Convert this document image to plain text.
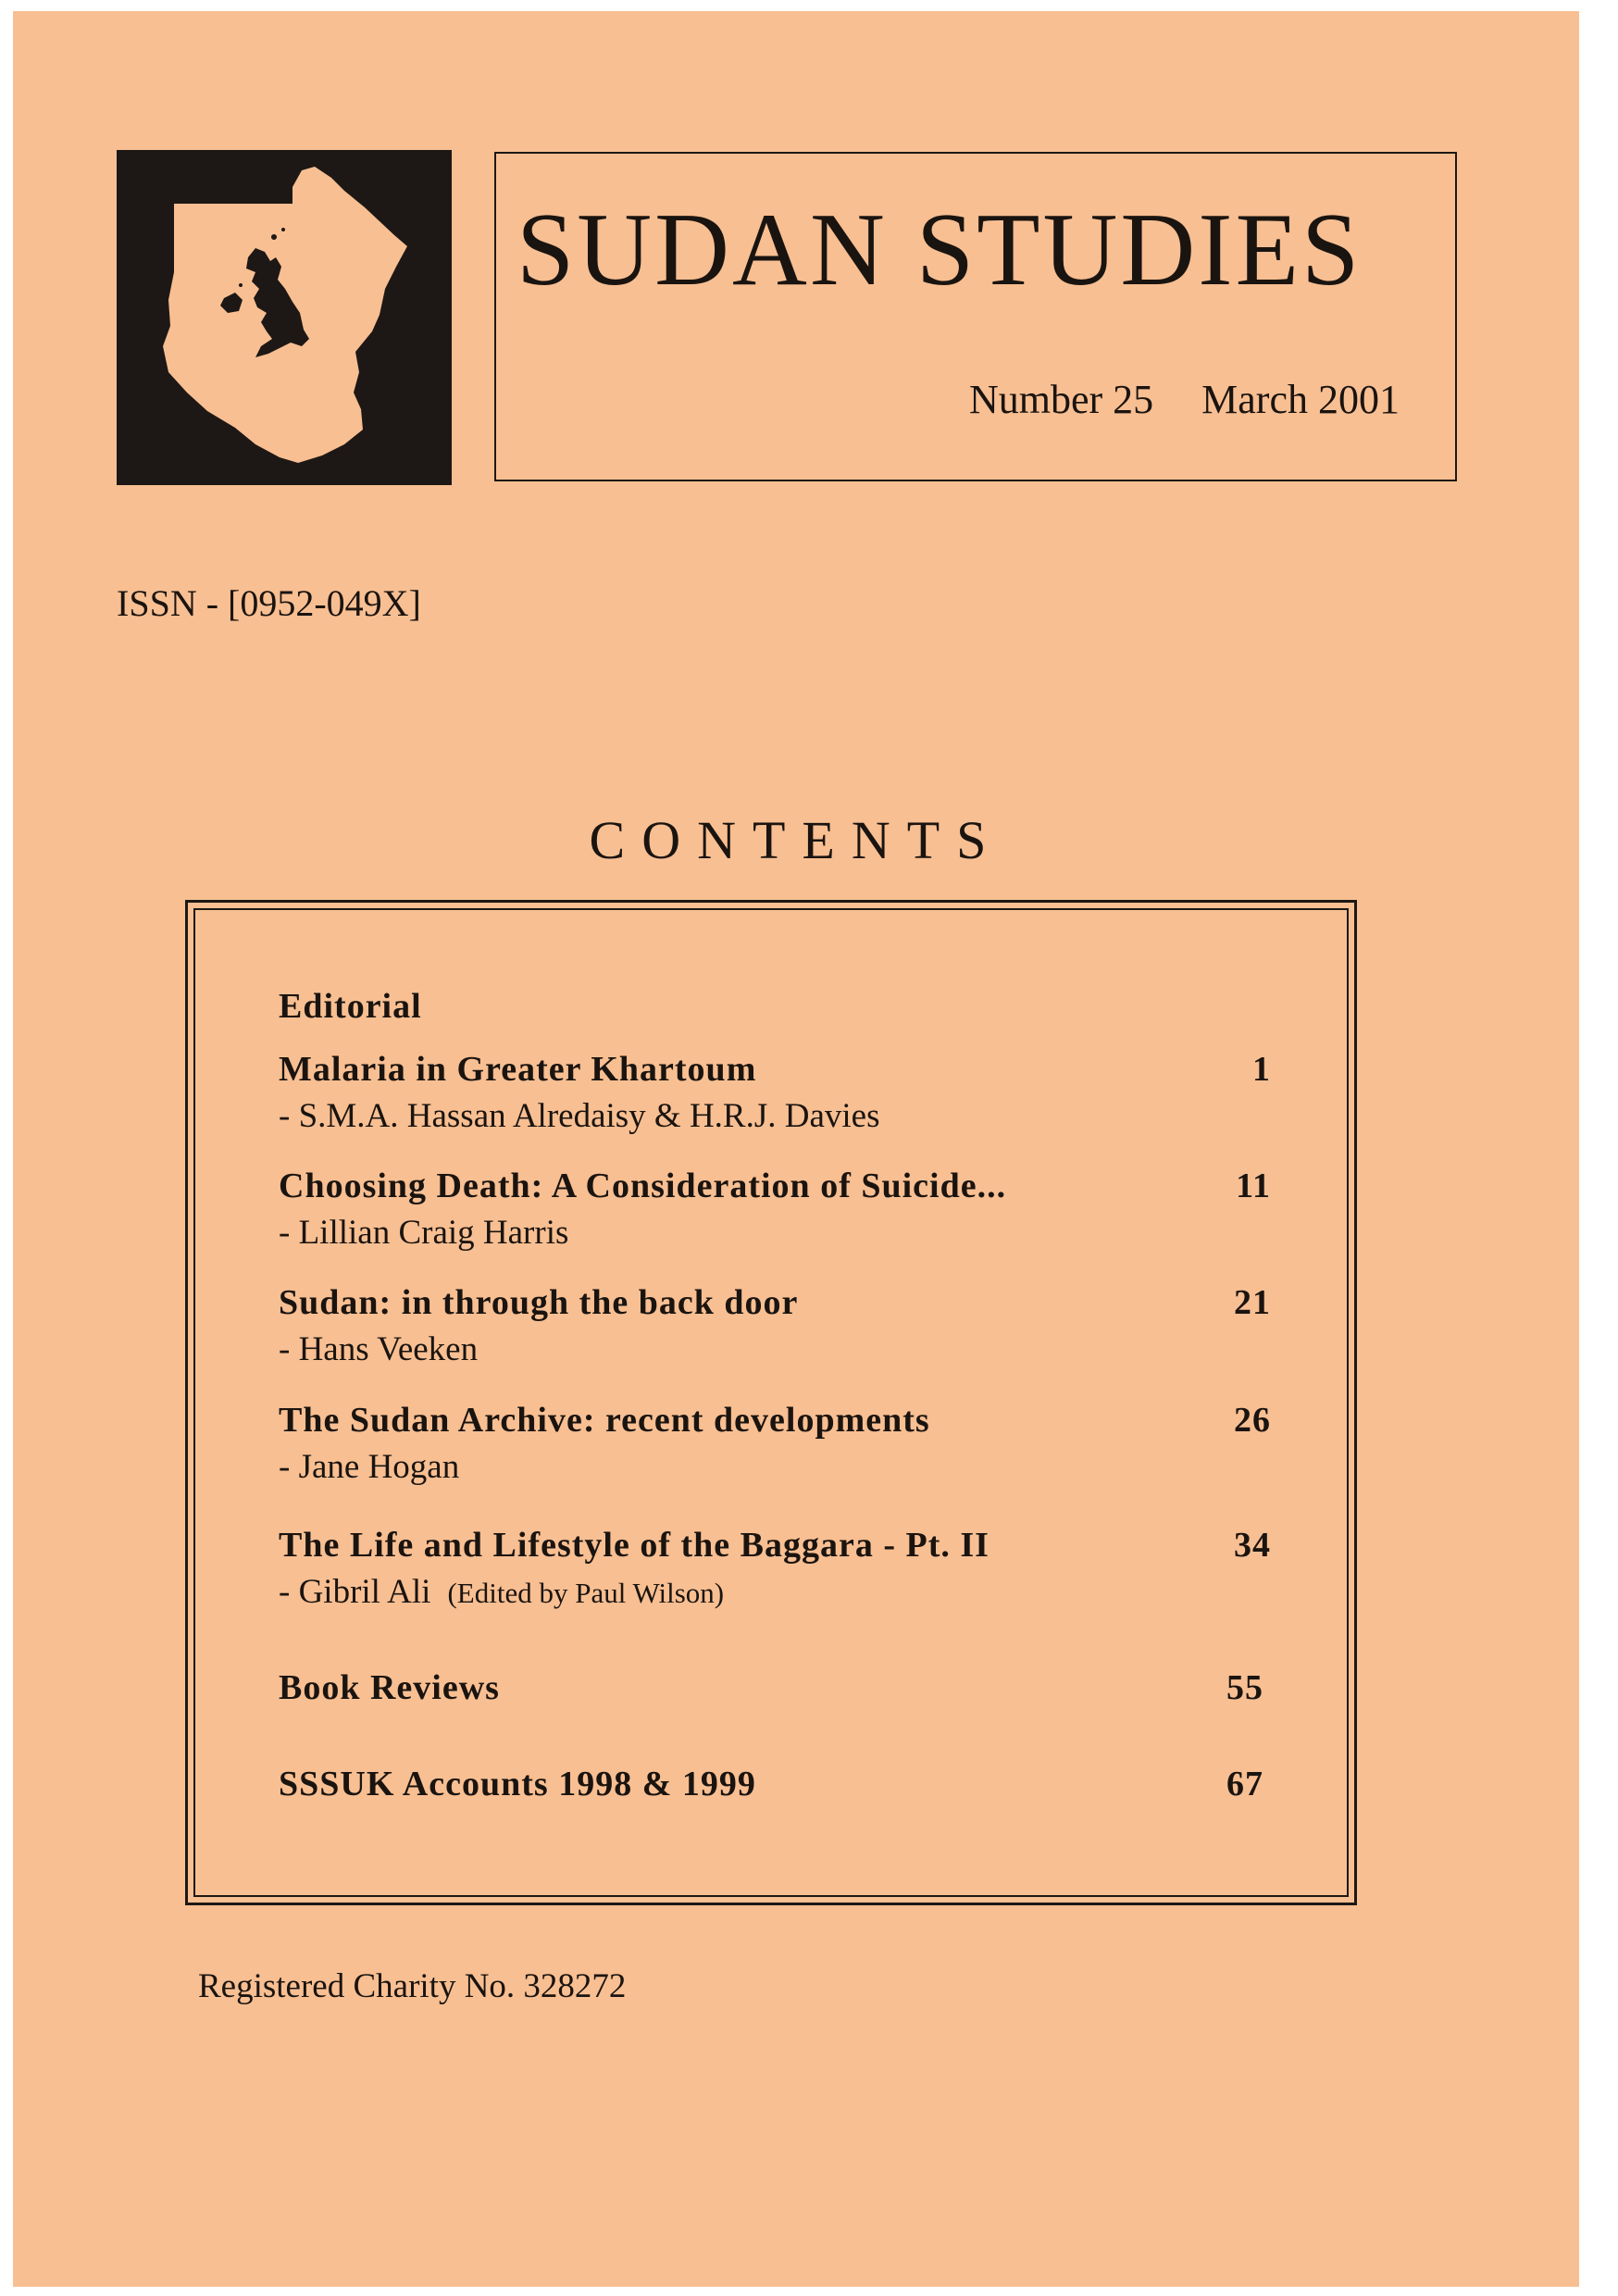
SUDAN STUDIES
Number 25 March 2001
ISSN - [0952-049X]
CONTENTS
Editorial
Malaria in Greater Khartoum	1
- S.M.A. Hassan Alredaisy & H.R.J. Davies
Choosing Death: A Consideration of Suicide...	11
- Lillian Craig Harris
Sudan: in through the back door	21
- Hans Veeken
The Sudan Archive: recent developments	26
- Jane Hogan
The Life and Lifestyle of the Baggara - Pt. II	34
- Gibril Ali (Edited by Paul Wilson)
Book Reviews	55
SSSUK Accounts 1998 & 1999	67
Registered Charity No. 328272
